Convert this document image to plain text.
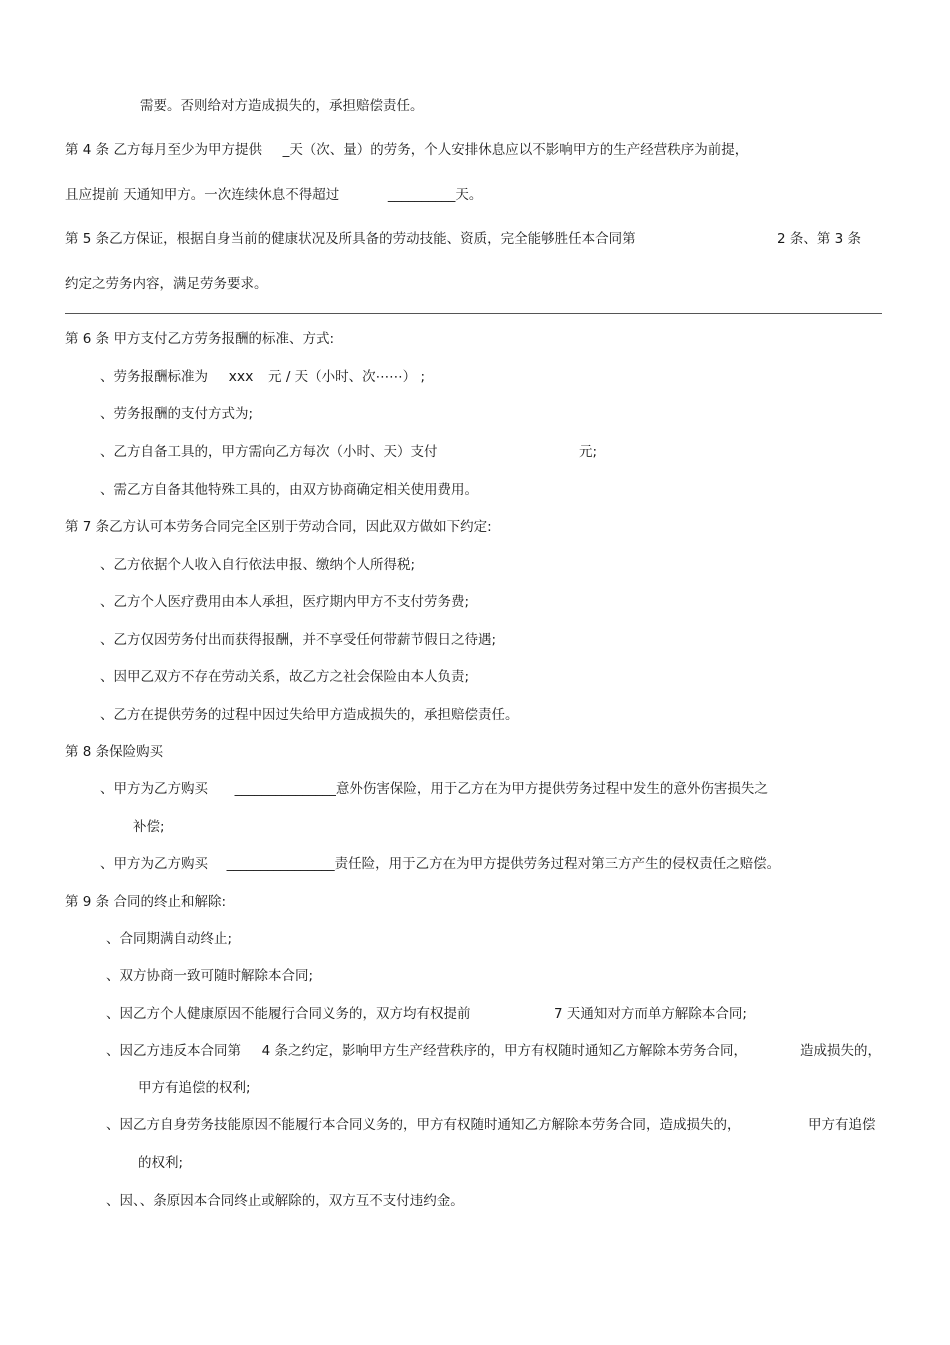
需要。否则给对方造成损失的，承担赔偿责任。
第 4 条 乙方每月至少为甲方提供 _天（次、量）的劳务，个人安排休息应以不影响甲方的生产经营秩序为前提，
且应提前 天通知甲方。一次连续休息不得超过	__________天。
第 5 条乙方保证，根据自身当前的健康状况及所具备的劳动技能、资质，完全能够胜任本合同第	2 条、第 3 条
约定之劳务内容，满足劳务要求。
第 6 条 甲方支付乙方劳务报酬的标准、方式:
、劳务报酬标准为 xxx 元 / 天（小时、次⋯⋯） ;
、劳务报酬的支付方式为;
、乙方自备工具的，甲方需向乙方每次（小时、天）支付	元;
、需乙方自备其他特殊工具的，由双方协商确定相关使用费用。
第 7 条乙方认可本劳务合同完全区别于劳动合同，因此双方做如下约定:
、乙方依据个人收入自行依法申报、缴纳个人所得税;
、乙方个人医疗费用由本人承担，医疗期内甲方不支付劳务费;
、乙方仅因劳务付出而获得报酬，并不享受任何带薪节假日之待遇;
、因甲乙双方不存在劳动关系，故乙方之社会保险由本人负责;
、乙方在提供劳务的过程中因过失给甲方造成损失的，承担赔偿责任。
第 8 条保险购买
、甲方为乙方购买 _______________意外伤害保险，用于乙方在为甲方提供劳务过程中发生的意外伤害损失之
补偿;
、甲方为乙方购买 ________________责任险，用于乙方在为甲方提供劳务过程对第三方产生的侵权责任之赔偿。
第 9 条 合同的终止和解除:
、合同期满自动终止;
、双方协商一致可随时解除本合同;
、因乙方个人健康原因不能履行合同义务的，双方均有权提前	7 天通知对方而单方解除本合同;
、因乙方违反本合同第 4 条之约定，影响甲方生产经营秩序的，甲方有权随时通知乙方解除本劳务合同，	造成损失的，
甲方有追偿的权利;
、因乙方自身劳务技能原因不能履行本合同义务的，甲方有权随时通知乙方解除本劳务合同，造成损失的，	甲方有追偿
的权利;
、因、、条原因本合同终止或解除的，双方互不支付违约金。
